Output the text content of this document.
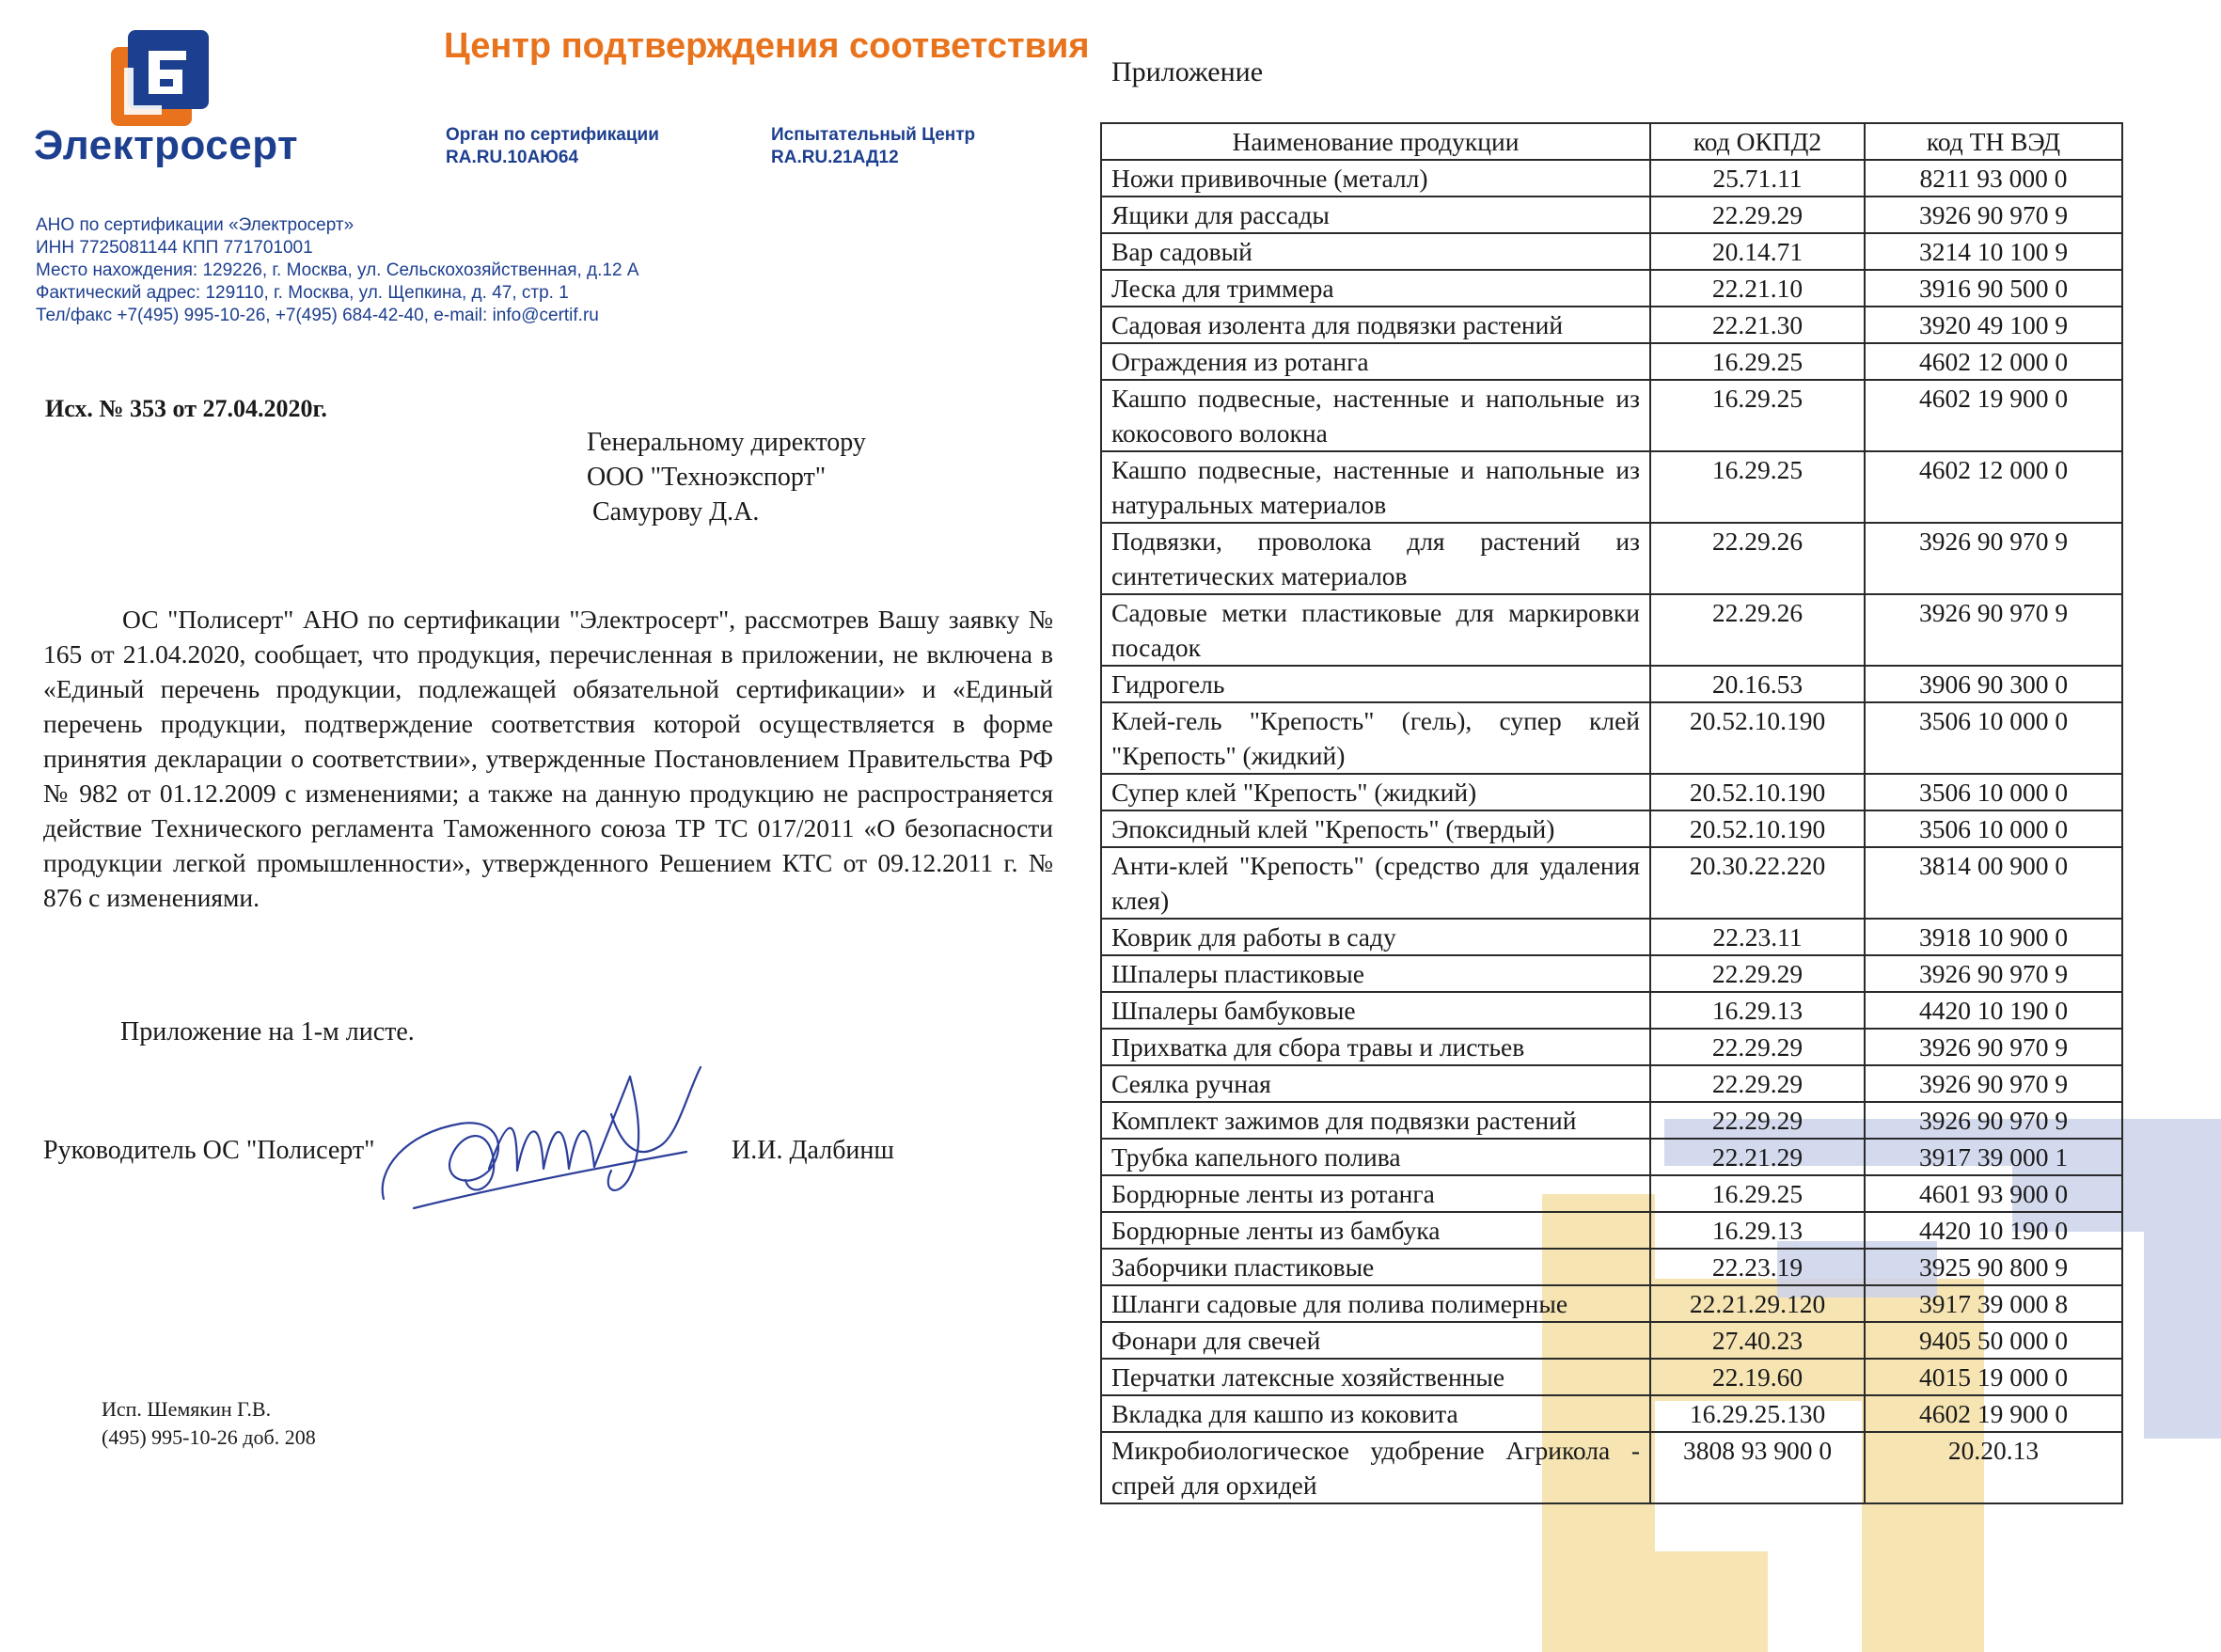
Электросерт
Центр подтверждения соответствия
Орган по сертификации
RA.RU.10АЮ64
Испытательный Центр
RA.RU.21АД12
АНО по сертификации «Электросерт»
ИНН 7725081144 КПП 771701001
Место нахождения: 129226, г. Москва, ул. Сельскохозяйственная, д.12 А
Фактический адрес: 129110, г. Москва, ул. Щепкина, д. 47, стр. 1
Тел/факс +7(495) 995-10-26, +7(495) 684-42-40, e-mail: info@certif.ru
Исх. № 353 от 27.04.2020г.
Генеральному директору
ООО "Техноэкспорт"
Самурову Д.А.
ОС "Полисерт" АНО по сертификации "Электросерт", рассмотрев Вашу заявку № 165 от 21.04.2020, сообщает, что продукция, перечисленная в приложении, не включена в «Единый перечень продукции, подлежащей обязательной сертификации» и «Единый перечень продукции, подтверждение соответствия которой осуществляется в форме принятия декларации о соответствии», утвержденные Постановлением Правительства РФ № 982 от 01.12.2009 с изменениями; а также на данную продукцию не распространяется действие Технического регламента Таможенного союза ТР ТС 017/2011 «О безопасности продукции легкой промышленности», утвержденного Решением КТС от 09.12.2011 г. № 876 с изменениями.
Приложение на 1-м листе.
Руководитель ОС "Полисерт"	И.И. Далбинш
Исп. Шемякин Г.В.
(495) 995-10-26 доб. 208
Приложение
Наименование продукции	код ОКПД2	код ТН ВЭД
Ножи прививочные (металл)	25.71.11	8211 93 000 0
Ящики для рассады	22.29.29	3926 90 970 9
Вар садовый	20.14.71	3214 10 100 9
Леска для триммера	22.21.10	3916 90 500 0
Садовая изолента для подвязки растений	22.21.30	3920 49 100 9
Ограждения из ротанга	16.29.25	4602 12 000 0
Кашпо подвесные, настенные и напольные из кокосового волокна	16.29.25	4602 19 900 0
Кашпо подвесные, настенные и напольные из натуральных материалов	16.29.25	4602 12 000 0
Подвязки, проволока для растений из синтетических материалов	22.29.26	3926 90 970 9
Садовые метки пластиковые для маркировки посадок	22.29.26	3926 90 970 9
Гидрогель	20.16.53	3906 90 300 0
Клей-гель "Крепость" (гель), супер клей "Крепость" (жидкий)	20.52.10.190	3506 10 000 0
Супер клей "Крепость" (жидкий)	20.52.10.190	3506 10 000 0
Эпоксидный клей "Крепость" (твердый)	20.52.10.190	3506 10 000 0
Анти-клей "Крепость" (средство для удаления клея)	20.30.22.220	3814 00 900 0
Коврик для работы в саду	22.23.11	3918 10 900 0
Шпалеры пластиковые	22.29.29	3926 90 970 9
Шпалеры бамбуковые	16.29.13	4420 10 190 0
Прихватка для сбора травы и листьев	22.29.29	3926 90 970 9
Сеялка ручная	22.29.29	3926 90 970 9
Комплект зажимов для подвязки растений	22.29.29	3926 90 970 9
Трубка капельного полива	22.21.29	3917 39 000 1
Бордюрные ленты из ротанга	16.29.25	4601 93 900 0
Бордюрные ленты из бамбука	16.29.13	4420 10 190 0
Заборчики пластиковые	22.23.19	3925 90 800 9
Шланги садовые для полива полимерные	22.21.29.120	3917 39 000 8
Фонари для свечей	27.40.23	9405 50 000 0
Перчатки латексные хозяйственные	22.19.60	4015 19 000 0
Вкладка для кашпо из коковита	16.29.25.130	4602 19 900 0
Микробиологическое удобрение Агрикола - спрей для орхидей	3808 93 900 0	20.20.13
